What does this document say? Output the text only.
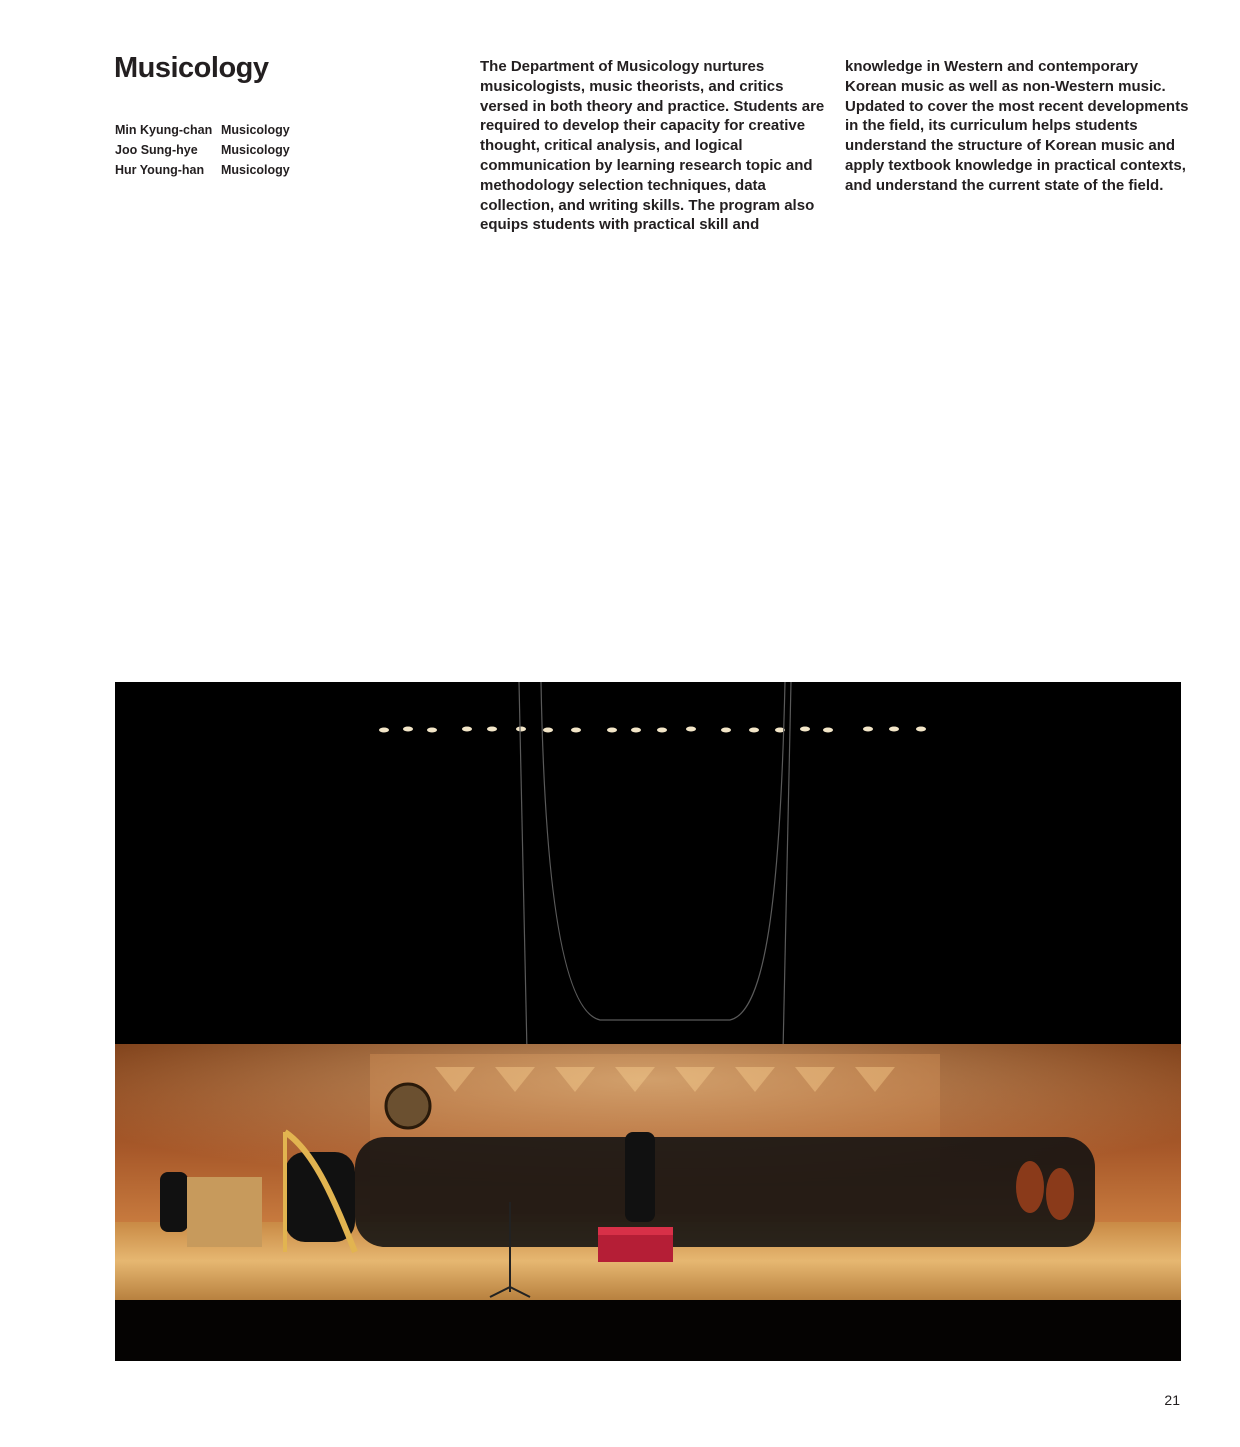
Musicology
Min Kyung-chan Musicology
Joo Sung-hye	Musicology
Hur Young-han	Musicology

The Department of Musicology nurtures musicologists, music theorists, and critics versed in both theory and practice. Students are required to develop their capacity for creative thought, critical analysis, and logical communication by learning research topic and methodology selection techniques, data collection, and writing skills. The program also equips students with practical skill and

knowledge in Western and contemporary Korean music as well as non-Western music. Updated to cover the most recent developments in the field, its curriculum helps students understand the structure of Korean music and apply textbook knowledge in practical contexts, and understand the current state of the field.

21
